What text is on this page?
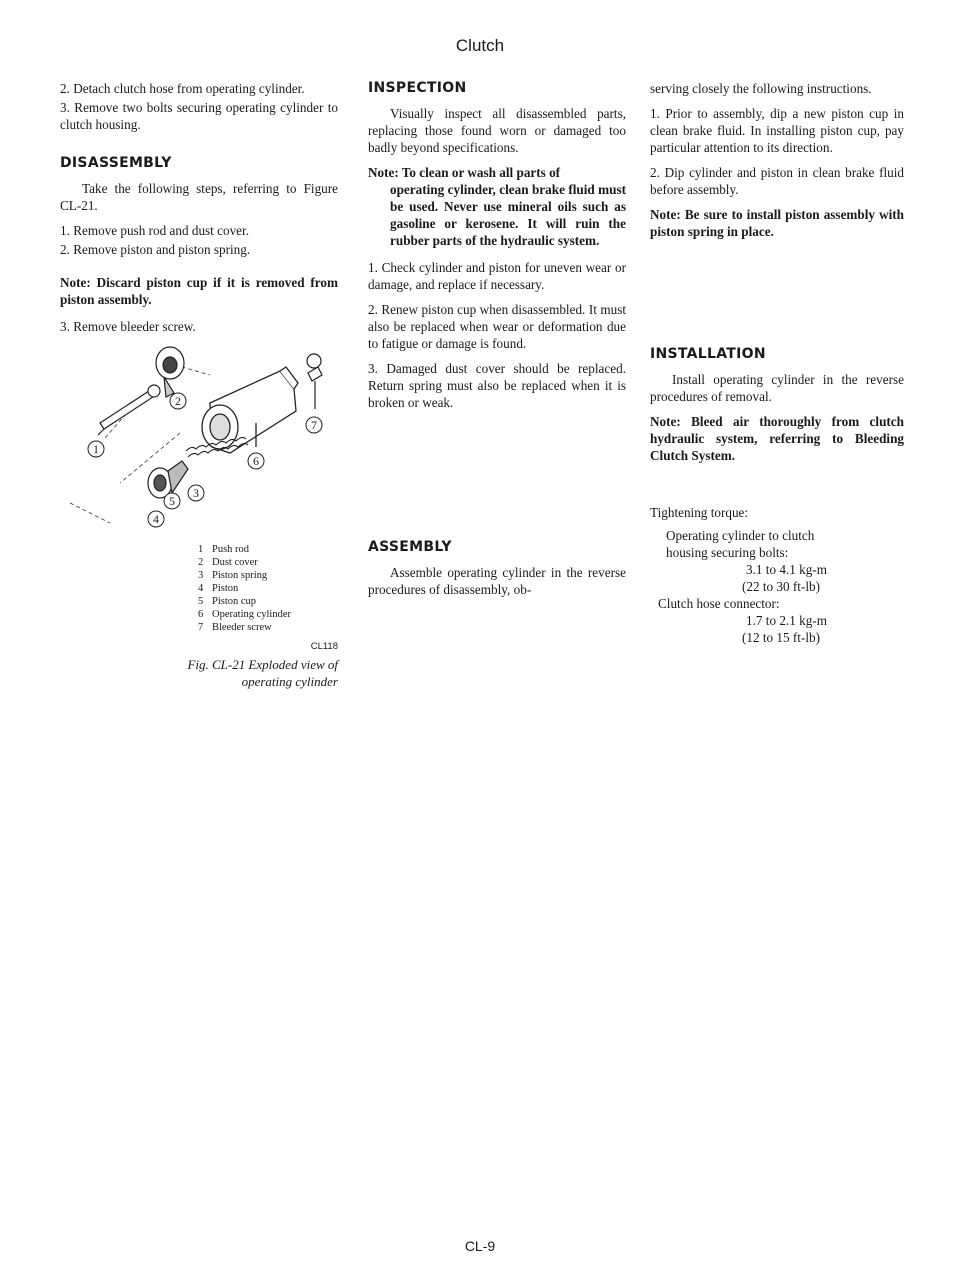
Clutch

2. Detach clutch hose from operating cylinder.

3. Remove two bolts securing operating cylinder to clutch housing.

DISASSEMBLY

Take the following steps, referring to Figure CL-21.

1. Remove push rod and dust cover.

2. Remove piston and piston spring.

Note: Discard piston cup if it is removed from piston assembly.

3. Remove bleeder screw.

2
1
7
6
3
5
4
1 Push rod
2 Dust cover
3 Piston spring
4 Piston
5 Piston cup
6 Operating cylinder
7 Bleeder screw
CL118
Fig. CL-21 Exploded view of
operating cylinder
INSPECTION

Visually inspect all disassembled parts, replacing those found worn or damaged too badly beyond specifications.

Note: To clean or wash all parts of
operating cylinder, clean brake fluid must be used. Never use mineral oils such as gasoline or kerosene. It will ruin the rubber parts of the hydraulic system.

1. Check cylinder and piston for uneven wear or damage, and replace if necessary.

2. Renew piston cup when disassembled. It must also be replaced when wear or deformation due to fatigue or damage is found.

3. Damaged dust cover should be replaced. Return spring must also be replaced when it is broken or weak.

ASSEMBLY

Assemble operating cylinder in the reverse procedures of disassembly, ob-

serving closely the following instructions.

1. Prior to assembly, dip a new piston cup in clean brake fluid. In installing piston cup, pay particular attention to its direction.

2. Dip cylinder and piston in clean brake fluid before assembly.

Note: Be sure to install piston assembly with piston spring in place.

INSTALLATION

Install operating cylinder in the reverse procedures of removal.

Note: Bleed air thoroughly from clutch hydraulic system, referring to Bleeding Clutch System.

Tightening torque:
Operating cylinder to clutch
housing securing bolts:
3.1 to 4.1 kg-m
(22 to 30 ft-lb)
Clutch hose connector:
1.7 to 2.1 kg-m
(12 to 15 ft-lb)
CL-9
